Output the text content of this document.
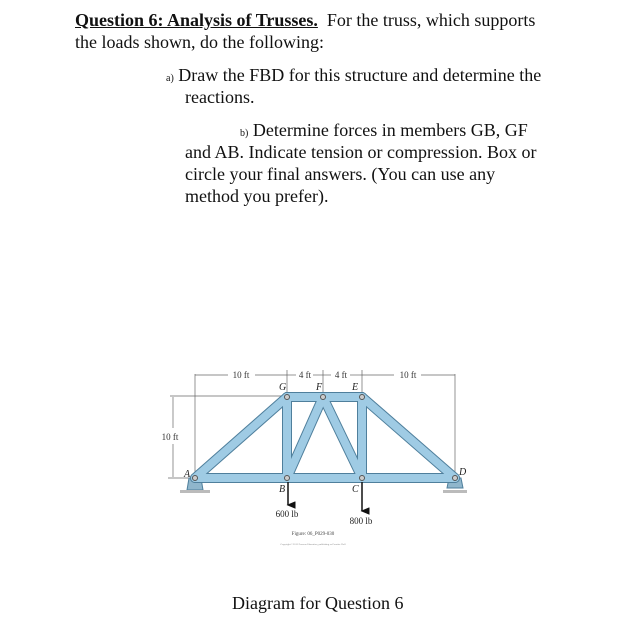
Question 6: Analysis of Trusses. For the truss, which supports
the loads shown, do the following:
a) Draw the FBD for this structure and determine the
reactions.
b) Determine forces in members GB, GF
and AB. Indicate tension or compression. Box or
circle your final answers. (You can use any
method you prefer).
10 ft	4 ft	4 ft	10 ft
10 ft
A
B	C
D
E
F
G
600 lb
800 lb
Figure: 06_P029-030
Copyright ©2013 Pearson Education, publishing as Prentice Hall
Diagram for Question 6
